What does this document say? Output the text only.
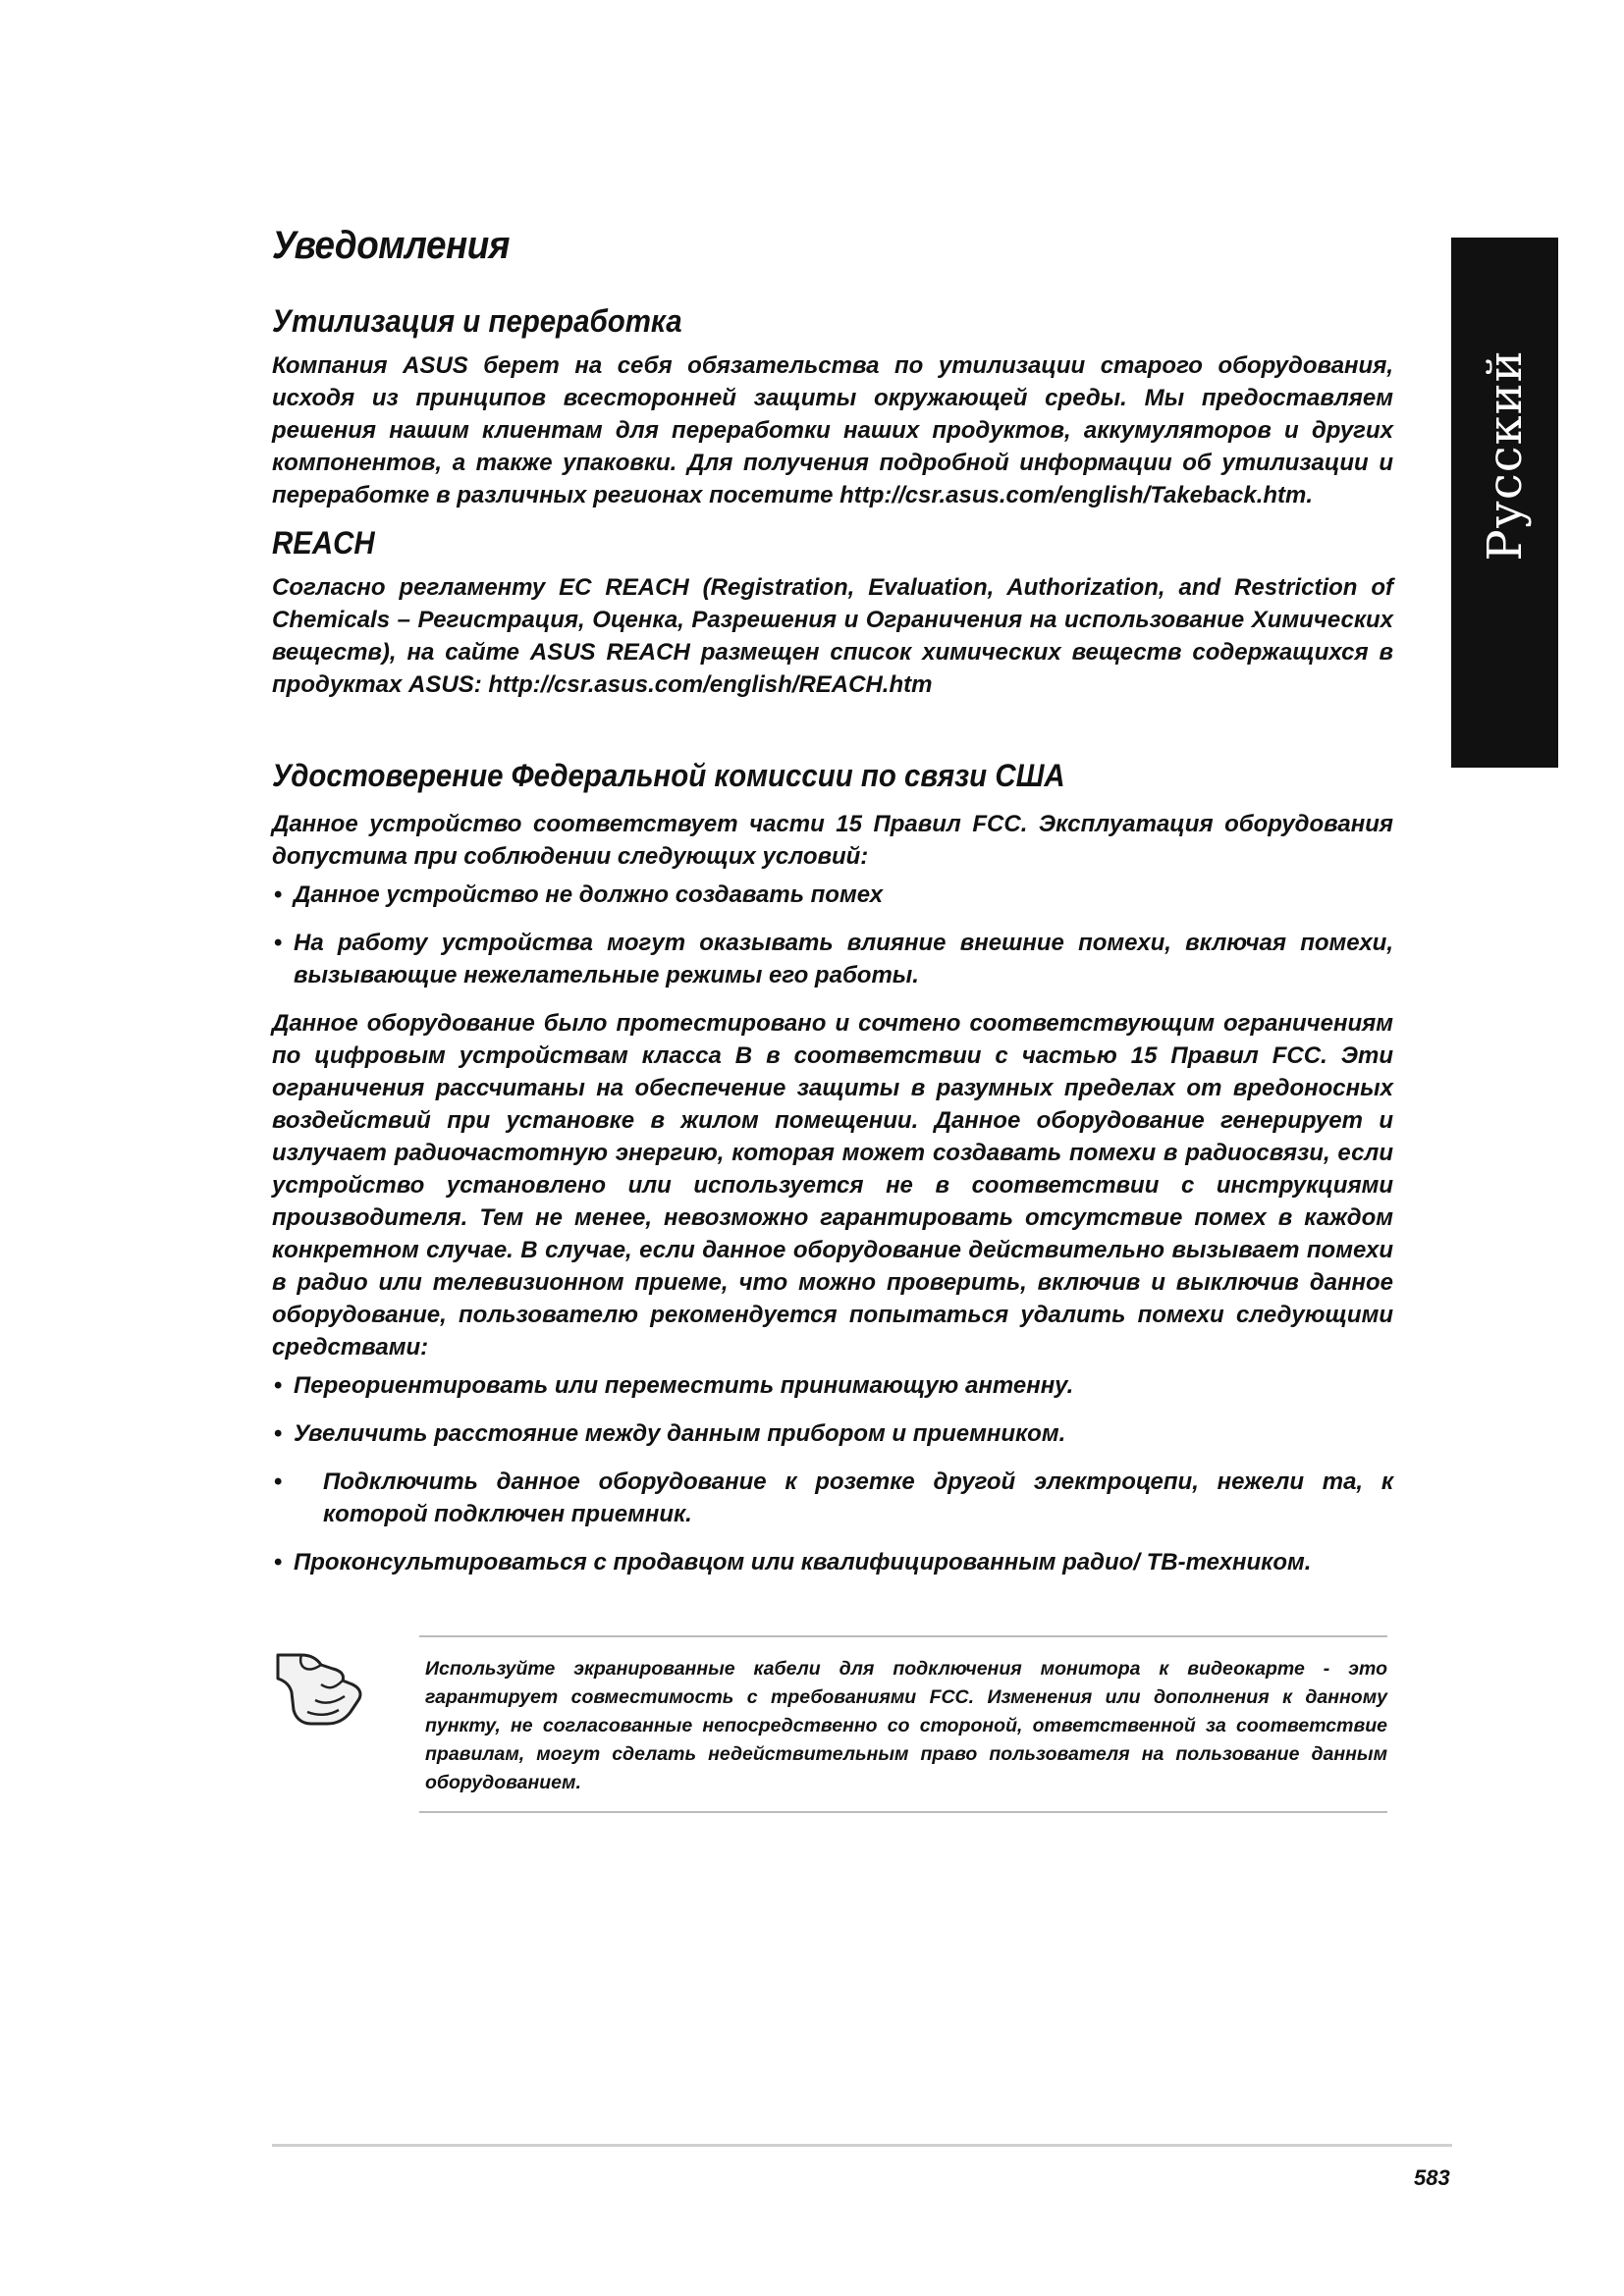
Уведомления
Утилизация и переработка

Компания ASUS берет на себя обязательства по утилизации старого оборудования, исходя из принципов всесторонней защиты окружающей среды. Мы предоставляем решения нашим клиентам для переработки наших продуктов, аккумуляторов и других компонентов, а также упаковки. Для получения подробной информации об утилизации и переработке в различных регионах посетите http://csr.asus.com/english/Takeback.htm.

REACH

Согласно регламенту ЕС REACH (Registration, Evaluation, Authorization, and Restriction of Chemicals – Регистрация, Оценка, Разрешения и Ограничения на использование Химических веществ), на сайте ASUS REACH размещен список химических веществ содержащихся в продуктах ASUS: http://csr.asus.com/english/REACH.htm

Удостоверение Федеральной комиссии по связи США

Данное устройство соответствует части 15 Правил FCC. Эксплуатация оборудования допустима при соблюдении следующих условий:

• Данное устройство не должно создавать помех
• На работу устройства могут оказывать влияние внешние помехи, включая помехи, вызывающие нежелательные режимы его работы.

Данное оборудование было протестировано и сочтено соответствующим ограничениям по цифровым устройствам класса В в соответствии с частью 15 Правил FCC. Эти ограничения рассчитаны на обеспечение защиты в разумных пределах от вредоносных воздействий при установке в жилом помещении. Данное оборудование генерирует и излучает радиочастотную энергию, которая может создавать помехи в радиосвязи, если устройство установлено или используется не в соответствии с инструкциями производителя. Тем не менее, невозможно гарантировать отсутствие помех в каждом конкретном случае. В случае, если данное оборудование действительно вызывает помехи в радио или телевизионном приеме, что можно проверить, включив и выключив данное оборудование, пользователю рекомендуется попытаться удалить помехи следующими средствами:

• Переориентировать или переместить принимающую антенну.
• Увеличить расстояние между данным прибором и приемником.
• Подключить данное оборудование к розетке другой электроцепи, нежели та, к которой подключен приемник.
• Проконсультироваться с продавцом или квалифицированным радио/ ТВ-техником.

Используйте экранированные кабели для подключения монитора к видеокарте - это гарантирует совместимость с требованиями FCC. Изменения или дополнения к данному пункту, не согласованные непосредственно со стороной, ответственной за соответствие правилам, могут сделать недействительным право пользователя на пользование данным оборудованием.

Русский
583
